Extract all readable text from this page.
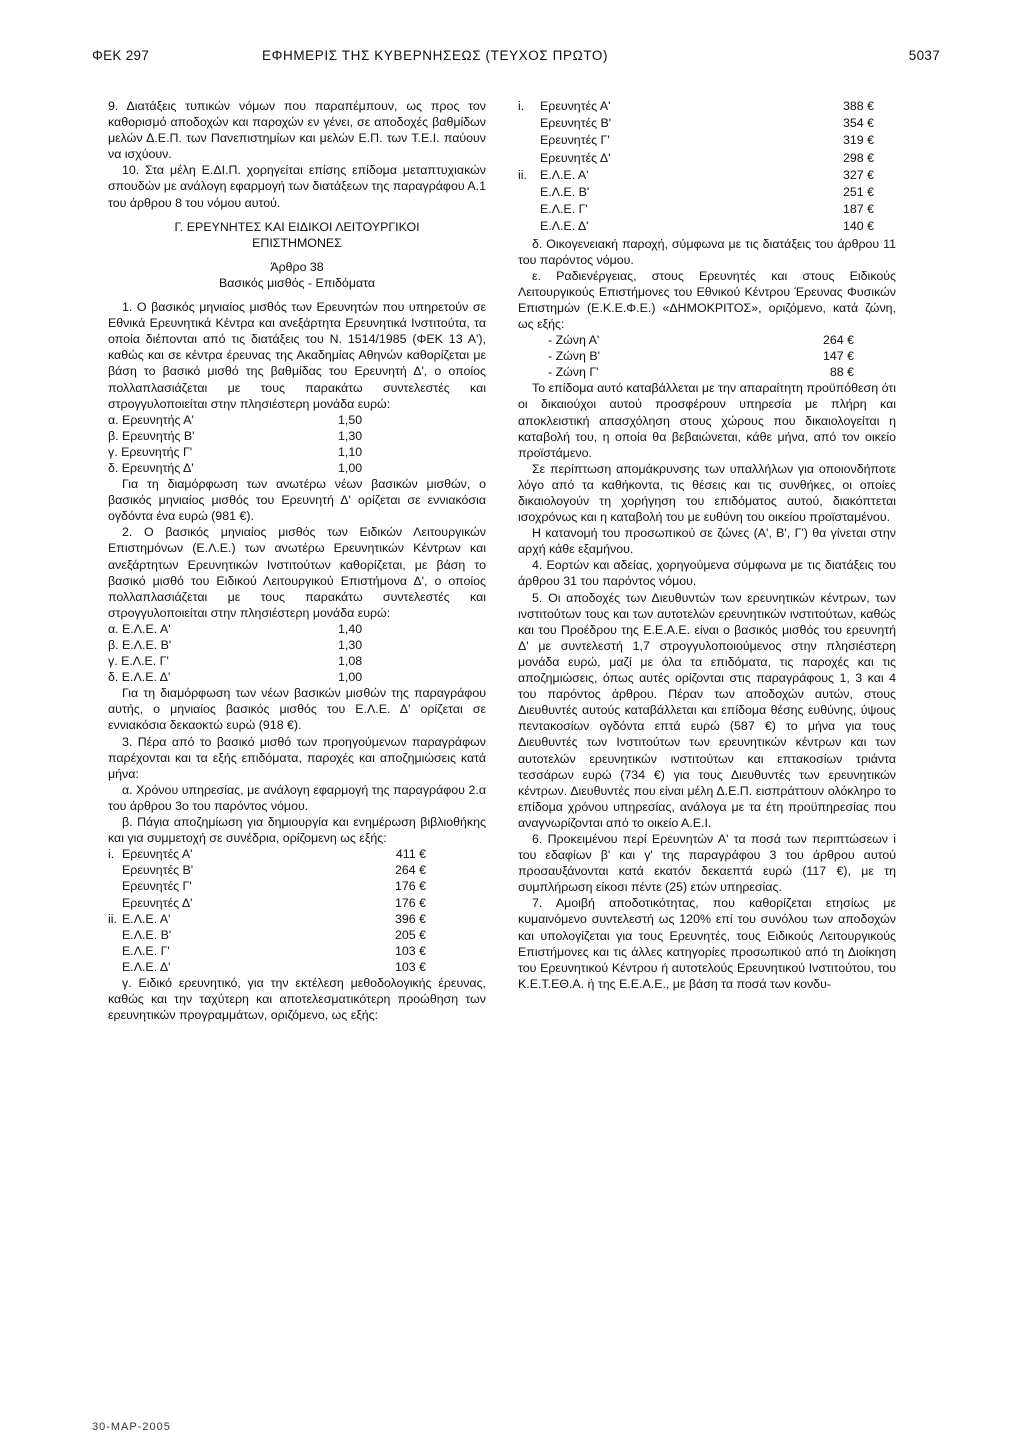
ΦΕΚ 297	ΕΦΗΜΕΡΙΣ ΤΗΣ ΚΥΒΕΡΝΗΣΕΩΣ (ΤΕΥΧΟΣ ΠΡΩΤΟ)	5037

9. Διατάξεις τυπικών νόμων που παραπέμπουν, ως προς τον καθορισμό αποδοχών και παροχών εν γένει, σε αποδοχές βαθμίδων μελών Δ.Ε.Π. των Πανεπιστημίων και μελών Ε.Π. των Τ.Ε.Ι. παύουν να ισχύουν.

10. Στα μέλη Ε.ΔΙ.Π. χορηγείται επίσης επίδομα μεταπτυχιακών σπουδών με ανάλογη εφαρμογή των διατάξεων της παραγράφου Α.1 του άρθρου 8 του νόμου αυτού.

Γ. ΕΡΕΥΝΗΤΕΣ ΚΑΙ ΕΙΔΙΚΟΙ ΛΕΙΤΟΥΡΓΙΚΟΙ

ΕΠΙΣΤΗΜΟΝΕΣ

Άρθρο 38

Βασικός μισθός - Επιδόματα

1. Ο βασικός μηνιαίος μισθός των Ερευνητών που υπηρετούν σε Εθνικά Ερευνητικά Κέντρα και ανεξάρτητα Ερευνητικά Ινστιτούτα, τα οποία διέπονται από τις διατάξεις του Ν. 1514/1985 (ΦΕΚ 13 Α'), καθώς και σε κέντρα έρευνας της Ακαδημίας Αθηνών καθορίζεται με βάση το βασικό μισθό της βαθμίδας του Ερευνητή Δ', ο οποίος πολλαπλασιάζεται με τους παρακάτω συντελεστές και στρογγυλοποιείται στην πλησιέστερη μονάδα ευρώ:

α. Ερευνητής Α'	1,50
β. Ερευνητής Β'	1,30
γ. Ερευνητής Γ'	1,10
δ. Ερευνητής Δ'	1,00

Για τη διαμόρφωση των ανωτέρω νέων βασικών μισθών, ο βασικός μηνιαίος μισθός του Ερευνητή Δ' ορίζεται σε εννιακόσια ογδόντα ένα ευρώ (981 €).

2. Ο βασικός μηνιαίος μισθός των Ειδικών Λειτουργικών Επιστημόνων (Ε.Λ.Ε.) των ανωτέρω Ερευνητικών Κέντρων και ανεξάρτητων Ερευνητικών Ινστιτούτων καθορίζεται, με βάση το βασικό μισθό του Ειδικού Λειτουργικού Επιστήμονα Δ', ο οποίος πολλαπλασιάζεται με τους παρακάτω συντελεστές και στρογγυλοποιείται στην πλησιέστερη μονάδα ευρώ:

α. Ε.Λ.Ε. Α'	1,40
β. Ε.Λ.Ε. Β'	1,30
γ. Ε.Λ.Ε. Γ'	1,08
δ. Ε.Λ.Ε. Δ'	1,00

Για τη διαμόρφωση των νέων βασικών μισθών της παραγράφου αυτής, ο μηνιαίος βασικός μισθός του Ε.Λ.Ε. Δ' ορίζεται σε εννιακόσια δεκαοκτώ ευρώ (918 €).

3. Πέρα από το βασικό μισθό των προηγούμενων παραγράφων παρέχονται και τα εξής επιδόματα, παροχές και αποζημιώσεις κατά μήνα:

α. Χρόνου υπηρεσίας, με ανάλογη εφαρμογή της παραγράφου 2.α του άρθρου 3ο του παρόντος νόμου.

β. Πάγια αποζημίωση για δημιουργία και ενημέρωση βιβλιοθήκης και για συμμετοχή σε συνέδρια, ορίζομενη ως εξής:

i. Ερευνητές Α'	411 €
Ερευνητές Β'	264 €
Ερευνητές Γ'	176 €
Ερευνητές Δ'	176 €
ii. Ε.Λ.Ε. Α'	396 €
Ε.Λ.Ε. Β'	205 €
Ε.Λ.Ε. Γ'	103 €
Ε.Λ.Ε. Δ'	103 €

γ. Ειδικό ερευνητικό, για την εκτέλεση μεθοδολογικής έρευνας, καθώς και την ταχύτερη και αποτελεσματικότερη προώθηση των ερευνητικών προγραμμάτων, οριζόμενο, ως εξής:

i.	Ερευνητές Α'	388 €
Ερευνητές Β'	354 €
Ερευνητές Γ'	319 €
Ερευνητές Δ'	298 €
ii.	Ε.Λ.Ε. Α'	327 €
Ε.Λ.Ε. Β'	251 €
Ε.Λ.Ε. Γ'	187 €
Ε.Λ.Ε. Δ'	140 €

δ. Οικογενειακή παροχή, σύμφωνα με τις διατάξεις του άρθρου 11 του παρόντος νόμου.

ε. Ραδιενέργειας, στους Ερευνητές και στους Ειδικούς Λειτουργικούς Επιστήμονες του Εθνικού Κέντρου Έρευνας Φυσικών Επιστημών (Ε.Κ.Ε.Φ.Ε.) «ΔΗΜΟΚΡΙΤΟΣ», οριζόμενο, κατά ζώνη, ως εξής:

- Ζώνη Α'	264 €
- Ζώνη Β'	147 €
- Ζώνη Γ'	88 €

Το επίδομα αυτό καταβάλλεται με την απαραίτητη προϋπόθεση ότι οι δικαιούχοι αυτού προσφέρουν υπηρεσία με πλήρη και αποκλειστική απασχόληση στους χώρους που δικαιολογείται η καταβολή του, η οποία θα βεβαιώνεται, κάθε μήνα, από τον οικείο προϊστάμενο.

Σε περίπτωση απομάκρυνσης των υπαλλήλων για οποιονδήποτε λόγο από τα καθήκοντα, τις θέσεις και τις συνθήκες, οι οποίες δικαιολογούν τη χορήγηση του επιδόματος αυτού, διακόπτεται ισοχρόνως και η καταβολή του με ευθύνη του οικείου προϊσταμένου.

Η κατανομή του προσωπικού σε ζώνες (Α', Β', Γ') θα γίνεται στην αρχή κάθε εξαμήνου.

4. Εορτών και αδείας, χορηγούμενα σύμφωνα με τις διατάξεις του άρθρου 31 του παρόντος νόμου.

5. Οι αποδοχές των Διευθυντών των ερευνητικών κέντρων, των ινστιτούτων τους και των αυτοτελών ερευνητικών ινστιτούτων, καθώς και του Προέδρου της Ε.Ε.Α.Ε. είναι ο βασικός μισθός του ερευνητή Δ' με συντελεστή 1,7 στρογγυλοποιούμενος στην πλησιέστερη μονάδα ευρώ, μαζί με όλα τα επιδόματα, τις παροχές και τις αποζημιώσεις, όπως αυτές ορίζονται στις παραγράφους 1, 3 και 4 του παρόντος άρθρου. Πέραν των αποδοχών αυτών, στους Διευθυντές αυτούς καταβάλλεται και επίδομα θέσης ευθύνης, ύψους πεντακοσίων ογδόντα επτά ευρώ (587 €) το μήνα για τους Διευθυντές των Ινστιτούτων των ερευνητικών κέντρων και των αυτοτελών ερευνητικών ινστιτούτων και επτακοσίων τριάντα τεσσάρων ευρώ (734 €) για τους Διευθυντές των ερευνητικών κέντρων. Διευθυντές που είναι μέλη Δ.Ε.Π. εισπράττουν ολόκληρο το επίδομα χρόνου υπηρεσίας, ανάλογα με τα έτη προϋπηρεσίας που αναγνωρίζονται από το οικείο Α.Ε.Ι.

6. Προκειμένου περί Ερευνητών Α' τα ποσά των περιπτώσεων i του εδαφίων β' και γ' της παραγράφου 3 του άρθρου αυτού προσαυξάνονται κατά εκατόν δεκαεπτά ευρώ (117 €), με τη συμπλήρωση είκοσι πέντε (25) ετών υπηρεσίας.

7. Αμοιβή αποδοτικότητας, που καθορίζεται ετησίως με κυμαινόμενο συντελεστή ως 120% επί του συνόλου των αποδοχών και υπολογίζεται για τους Ερευνητές, τους Ειδικούς Λειτουργικούς Επιστήμονες και τις άλλες κατηγορίες προσωπικού από τη Διοίκηση του Ερευνητικού Κέντρου ή αυτοτελούς Ερευνητικού Ινστιτούτου, του Κ.Ε.Τ.ΕΘ.Α. ή της Ε.Ε.Α.Ε., με βάση τα ποσά των κονδυ-

30-ΜΑΡ-2005
